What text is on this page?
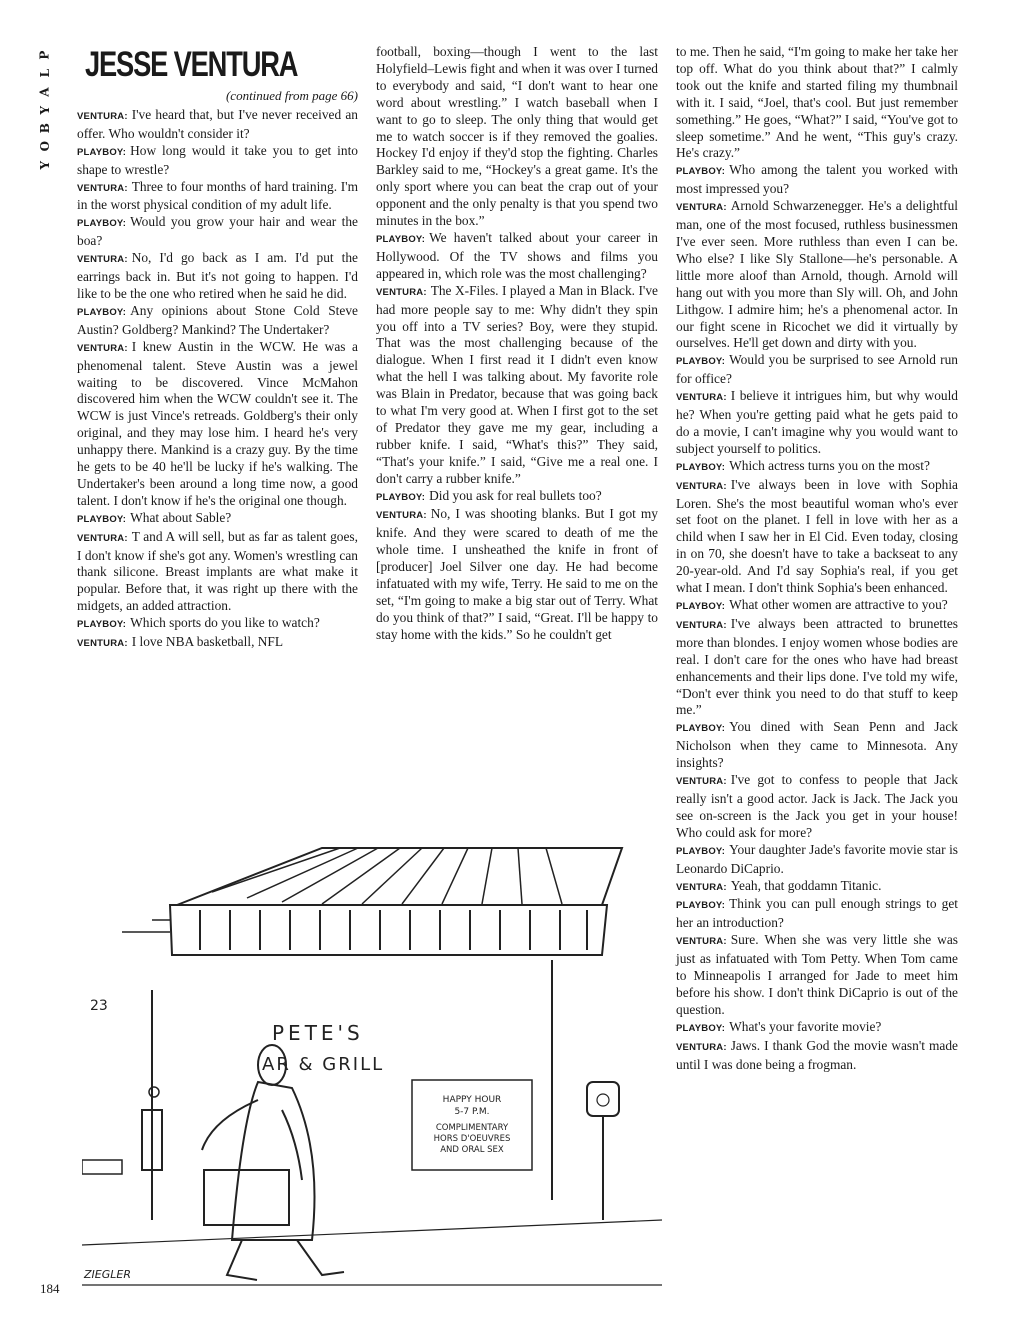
P
L
A
Y
B
O
Y
JESSE VENTURA
(continued from page 66)

VENTURA: I've heard that, but I've never received an offer. Who wouldn't consider it?

PLAYBOY: How long would it take you to get into shape to wrestle?

VENTURA: Three to four months of hard training. I'm in the worst physical condition of my adult life.

PLAYBOY: Would you grow your hair and wear the boa?

VENTURA: No, I'd go back as I am. I'd put the earrings back in. But it's not going to happen. I'd like to be the one who retired when he said he did.

PLAYBOY: Any opinions about Stone Cold Steve Austin? Goldberg? Mankind? The Undertaker?

VENTURA: I knew Austin in the WCW. He was a phenomenal talent. Steve Austin was a jewel waiting to be discovered. Vince McMahon discovered him when the WCW couldn't see it. The WCW is just Vince's retreads. Goldberg's their only original, and they may lose him. I heard he's very unhappy there. Mankind is a crazy guy. By the time he gets to be 40 he'll be lucky if he's walking. The Undertaker's been around a long time now, a good talent. I don't know if he's the original one though.

PLAYBOY: What about Sable?

VENTURA: T and A will sell, but as far as talent goes, I don't know if she's got any. Women's wrestling can thank silicone. Breast implants are what make it popular. Before that, it was right up there with the midgets, an added attraction.

PLAYBOY: Which sports do you like to watch?

VENTURA: I love NBA basketball, NFL

football, boxing—though I went to the last Holyfield–Lewis fight and when it was over I turned to everybody and said, “I don't want to hear one word about wrestling.” I watch baseball when I want to go to sleep. The only thing that would get me to watch soccer is if they removed the goalies. Hockey I'd enjoy if they'd stop the fighting. Charles Barkley said to me, “Hockey's a great game. It's the only sport where you can beat the crap out of your opponent and the only penalty is that you spend two minutes in the box.”

PLAYBOY: We haven't talked about your career in Hollywood. Of the TV shows and films you appeared in, which role was the most challenging?

VENTURA: The X-Files. I played a Man in Black. I've had more people say to me: Why didn't they spin you off into a TV series? Boy, were they stupid. That was the most challenging because of the dialogue. When I first read it I didn't even know what the hell I was talking about. My favorite role was Blain in Predator, because that was going back to what I'm very good at. When I first got to the set of Predator they gave me my gear, including a rubber knife. I said, “What's this?” They said, “That's your knife.” I said, “Give me a real one. I don't carry a rubber knife.”

PLAYBOY: Did you ask for real bullets too?

VENTURA: No, I was shooting blanks. But I got my knife. And they were scared to death of me the whole time. I unsheathed the knife in front of [producer] Joel Silver one day. He had become infatuated with my wife, Terry. He said to me on the set, “I'm going to make a big star out of Terry. What do you think of that?” I said, “Great. I'll be happy to stay home with the kids.” So he couldn't get

to me. Then he said, “I'm going to make her take her top off. What do you think about that?” I calmly took out the knife and started filing my thumbnail with it. I said, “Joel, that's cool. But just remember something.” He goes, “What?” I said, “You've got to sleep sometime.” And he went, “This guy's crazy. He's crazy.”

PLAYBOY: Who among the talent you worked with most impressed you?

VENTURA: Arnold Schwarzenegger. He's a delightful man, one of the most focused, ruthless businessmen I've ever seen. More ruthless than even I can be. Who else? I like Sly Stallone—he's personable. A little more aloof than Arnold, though. Arnold will hang out with you more than Sly will. Oh, and John Lithgow. I admire him; he's a phenomenal actor. In our fight scene in Ricochet we did it virtually by ourselves. He'll get down and dirty with you.

PLAYBOY: Would you be surprised to see Arnold run for office?

VENTURA: I believe it intrigues him, but why would he? When you're getting paid what he gets paid to do a movie, I can't imagine why you would want to subject yourself to politics.

PLAYBOY: Which actress turns you on the most?

VENTURA: I've always been in love with Sophia Loren. She's the most beautiful woman who's ever set foot on the planet. I fell in love with her as a child when I saw her in El Cid. Even today, closing in on 70, she doesn't have to take a backseat to any 20-year-old. And I'd say Sophia's real, if you get what I mean. I don't think Sophia's been enhanced.

PLAYBOY: What other women are attractive to you?

VENTURA: I've always been attracted to brunettes more than blondes. I enjoy women whose bodies are real. I don't care for the ones who have had breast enhancements and their lips done. I've told my wife, “Don't ever think you need to do that stuff to keep me.”

PLAYBOY: You dined with Sean Penn and Jack Nicholson when they came to Minnesota. Any insights?

VENTURA: I've got to confess to people that Jack really isn't a good actor. Jack is Jack. The Jack you see on-screen is the Jack you get in your house! Who could ask for more?

PLAYBOY: Your daughter Jade's favorite movie star is Leonardo DiCaprio.

VENTURA: Yeah, that goddamn Titanic.

PLAYBOY: Think you can pull enough strings to get her an introduction?

VENTURA: Sure. When she was very little she was just as infatuated with Tom Petty. When Tom came to Minneapolis I arranged for Jade to meet him before his show. I don't think DiCaprio is out of the question.

PLAYBOY: What's your favorite movie?

VENTURA: Jaws. I thank God the movie wasn't made until I was done being a frogman.

PETE'S
AR & GRILL
23
HAPPY HOUR
5-7 P.M.
COMPLIMENTARY
HORS D'OEUVRES
AND ORAL SEX
ZIEGLER
184
